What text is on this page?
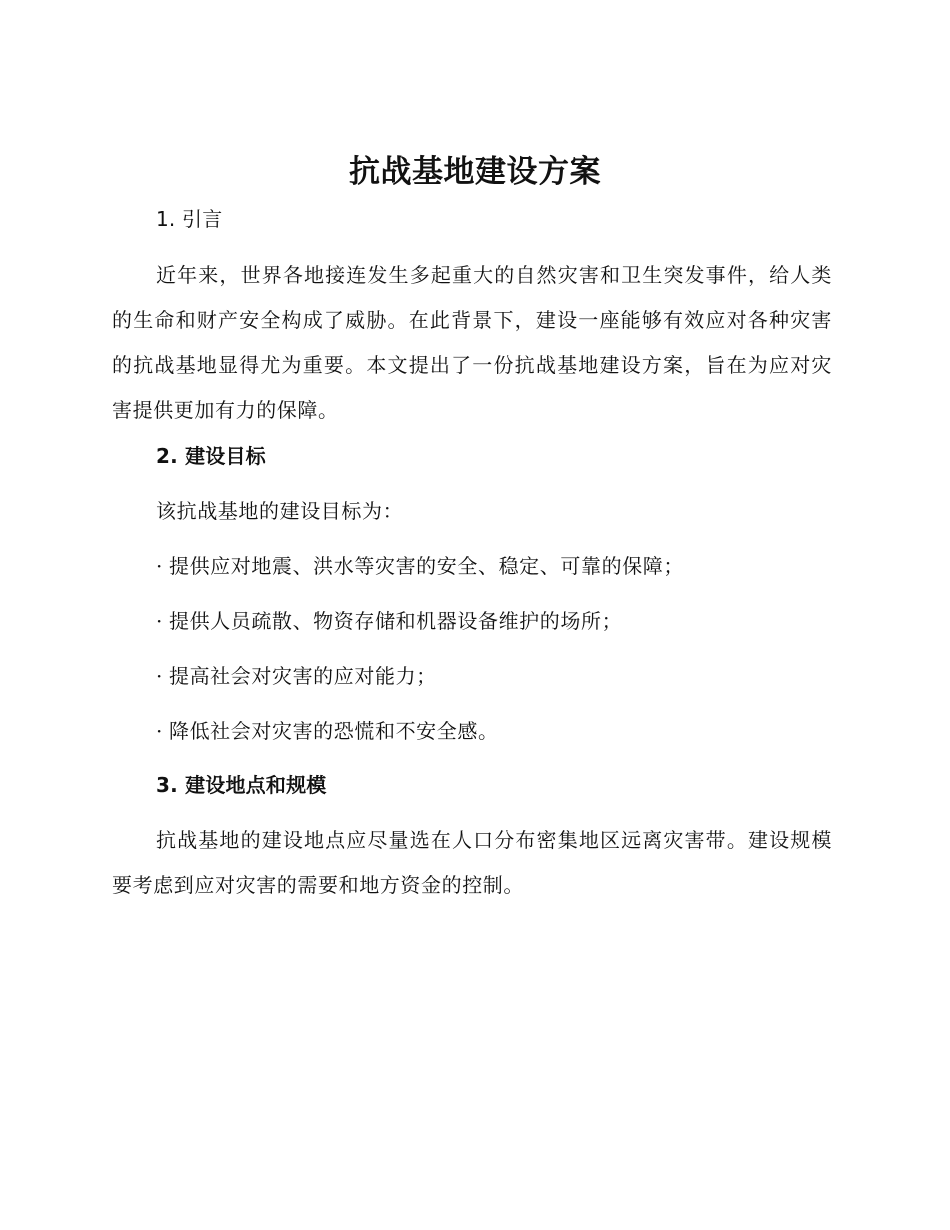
抗战基地建设方案
1. 引言
近年来，世界各地接连发生多起重大的自然灾害和卫生突发事件，给人类的生命和财产安全构成了威胁。在此背景下，建设一座能够有效应对各种灾害的抗战基地显得尤为重要。本文提出了一份抗战基地建设方案，旨在为应对灾害提供更加有力的保障。
2. 建设目标
该抗战基地的建设目标为：
· 提供应对地震、洪水等灾害的安全、稳定、可靠的保障；
· 提供人员疏散、物资存储和机器设备维护的场所；
· 提高社会对灾害的应对能力；
· 降低社会对灾害的恐慌和不安全感。
3. 建设地点和规模
抗战基地的建设地点应尽量选在人口分布密集地区远离灾害带。建设规模要考虑到应对灾害的需要和地方资金的控制。
